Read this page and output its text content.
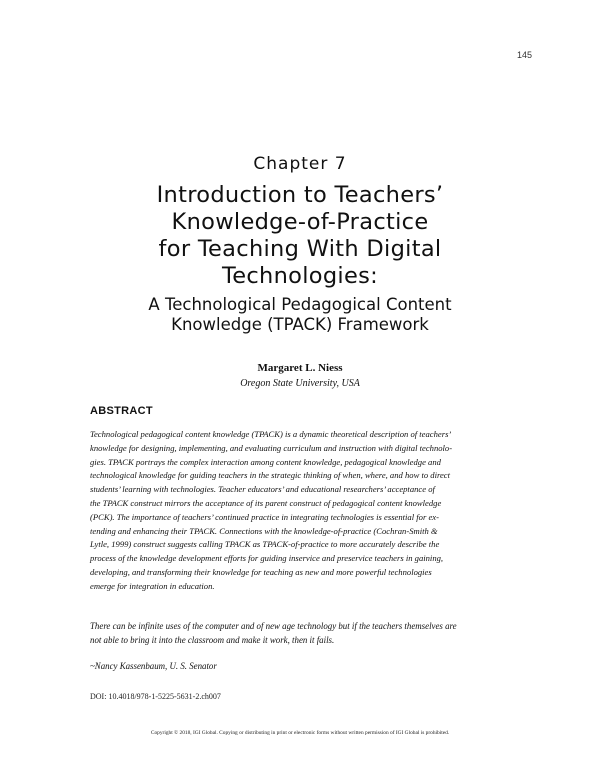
145
Chapter 7
Introduction to Teachers’
Knowledge-of-Practice
for Teaching With Digital
Technologies:
A Technological Pedagogical Content
Knowledge (TPACK) Framework
Margaret L. Niess
Oregon State University, USA
ABSTRACT
Technological pedagogical content knowledge (TPACK) is a dynamic theoretical description of teachers’
knowledge for designing, implementing, and evaluating curriculum and instruction with digital technolo-
gies. TPACK portrays the complex interaction among content knowledge, pedagogical knowledge and
technological knowledge for guiding teachers in the strategic thinking of when, where, and how to direct
students’ learning with technologies. Teacher educators’ and educational researchers’ acceptance of
the TPACK construct mirrors the acceptance of its parent construct of pedagogical content knowledge
(PCK). The importance of teachers’ continued practice in integrating technologies is essential for ex-
tending and enhancing their TPACK. Connections with the knowledge-of-practice (Cochran-Smith &
Lytle, 1999) construct suggests calling TPACK as TPACK-of-practice to more accurately describe the
process of the knowledge development efforts for guiding inservice and preservice teachers in gaining,
developing, and transforming their knowledge for teaching as new and more powerful technologies
emerge for integration in education.
There can be infinite uses of the computer and of new age technology but if the teachers themselves are
not able to bring it into the classroom and make it work, then it fails.
~Nancy Kassenbaum, U. S. Senator
DOI: 10.4018/978-1-5225-5631-2.ch007
Copyright © 2018, IGI Global. Copying or distributing in print or electronic forms without written permission of IGI Global is prohibited.
